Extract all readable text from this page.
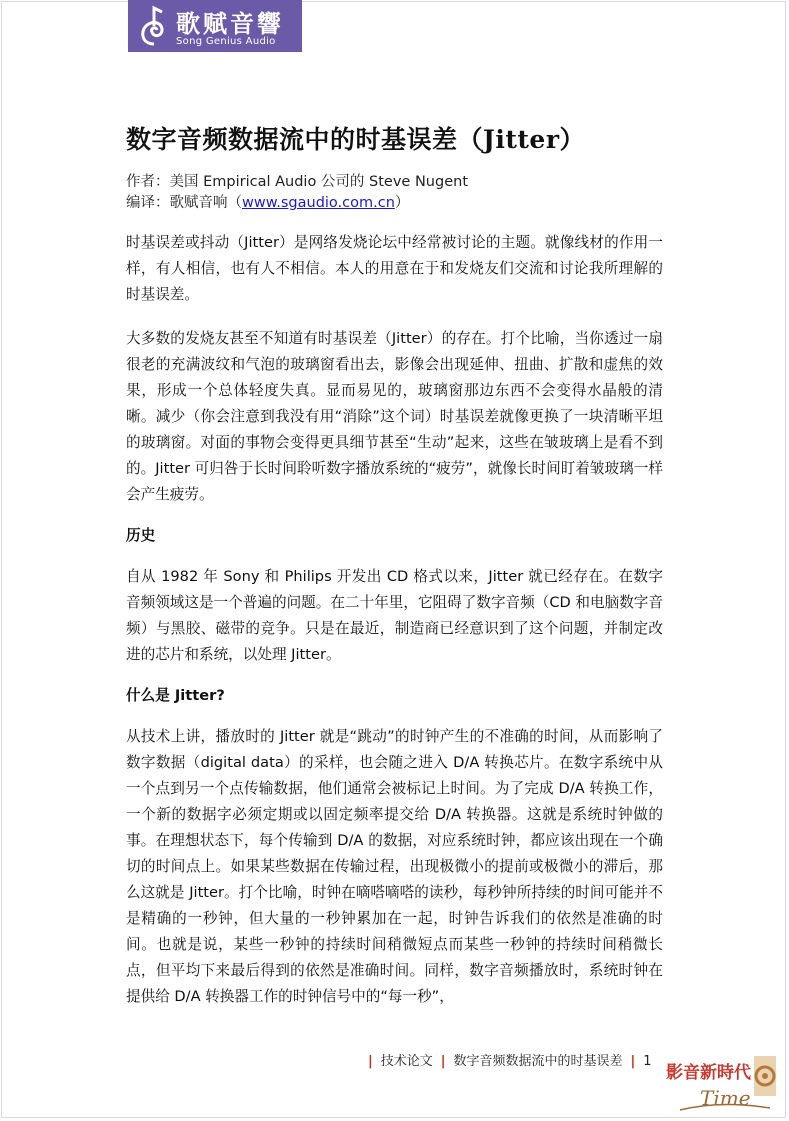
歌赋音響
Song Genius Audio
数字音频数据流中的时基误差（Jitter）
作者：美国 Empirical Audio 公司的 Steve Nugent
编译：歌赋音响（www.sgaudio.com.cn）
时基误差或抖动（Jitter）是网络发烧论坛中经常被讨论的主题。就像线材的作用一样，有人相信，也有人不相信。本人的用意在于和发烧友们交流和讨论我所理解的时基误差。
大多数的发烧友甚至不知道有时基误差（Jitter）的存在。打个比喻，当你透过一扇很老的充满波纹和气泡的玻璃窗看出去，影像会出现延伸、扭曲、扩散和虚焦的效果，形成一个总体轻度失真。显而易见的，玻璃窗那边东西不会变得水晶般的清晰。减少（你会注意到我没有用“消除”这个词）时基误差就像更换了一块清晰平坦的玻璃窗。对面的事物会变得更具细节甚至“生动”起来，这些在皱玻璃上是看不到的。Jitter 可归咎于长时间聆听数字播放系统的“疲劳”，就像长时间盯着皱玻璃一样会产生疲劳。
历史
自从 1982 年 Sony 和 Philips 开发出 CD 格式以来，Jitter 就已经存在。在数字音频领域这是一个普遍的问题。在二十年里，它阻碍了数字音频（CD 和电脑数字音频）与黑胶、磁带的竞争。只是在最近，制造商已经意识到了这个问题，并制定改进的芯片和系统，以处理 Jitter。
什么是 Jitter?
从技术上讲，播放时的 Jitter 就是“跳动”的时钟产生的不准确的时间，从而影响了数字数据（digital data）的采样，也会随之进入 D/A 转换芯片。在数字系统中从一个点到另一个点传输数据，他们通常会被标记上时间。为了完成 D/A 转换工作，一个新的数据字必须定期或以固定频率提交给 D/A 转换器。这就是系统时钟做的事。在理想状态下，每个传输到 D/A 的数据，对应系统时钟，都应该出现在一个确切的时间点上。如果某些数据在传输过程，出现极微小的提前或极微小的滞后，那么这就是 Jitter。打个比喻，时钟在嘀嗒嘀嗒的读秒，每秒钟所持续的时间可能并不是精确的一秒钟，但大量的一秒钟累加在一起，时钟告诉我们的依然是准确的时间。也就是说，某些一秒钟的持续时间稍微短点而某些一秒钟的持续时间稍微长点，但平均下来最后得到的依然是准确时间。同样，数字音频播放时，系统时钟在提供给 D/A 转换器工作的时钟信号中的“每一秒”，
| 技术论文 | 数字音频数据流中的时基误差 | 1
影音新時代
Time
